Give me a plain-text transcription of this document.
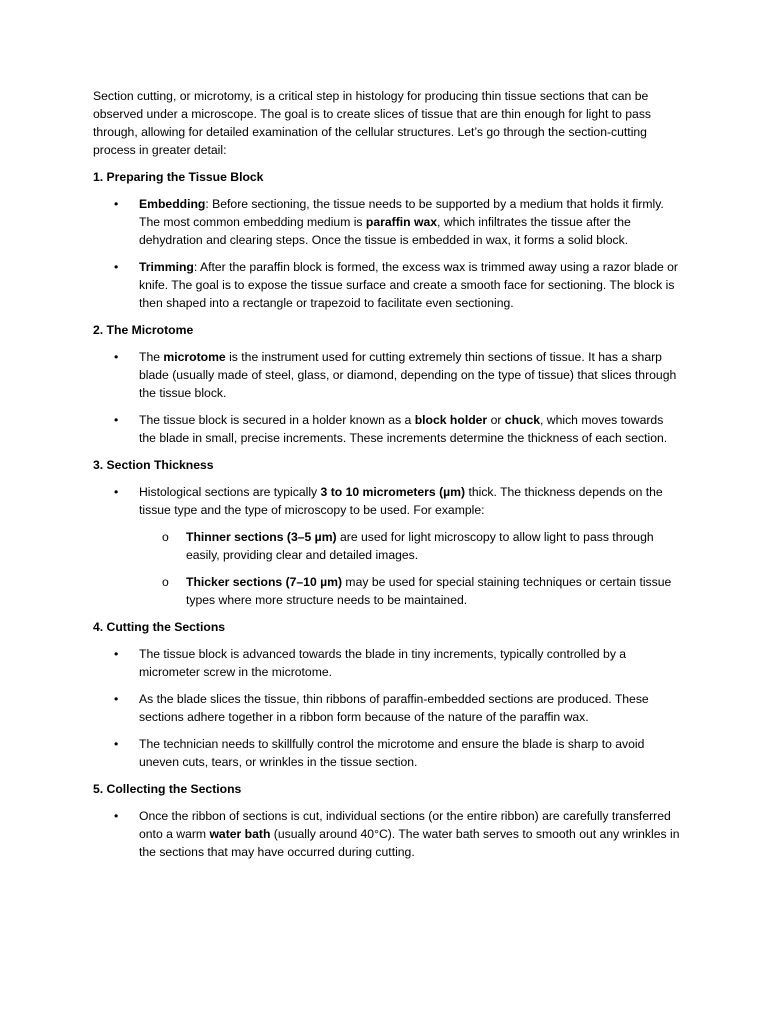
Section cutting, or microtomy, is a critical step in histology for producing thin tissue sections that can be observed under a microscope. The goal is to create slices of tissue that are thin enough for light to pass through, allowing for detailed examination of the cellular structures. Let’s go through the section-cutting process in greater detail:

1. Preparing the Tissue Block

• Embedding: Before sectioning, the tissue needs to be supported by a medium that holds it firmly. The most common embedding medium is paraffin wax, which infiltrates the tissue after the dehydration and clearing steps. Once the tissue is embedded in wax, it forms a solid block.
• Trimming: After the paraffin block is formed, the excess wax is trimmed away using a razor blade or knife. The goal is to expose the tissue surface and create a smooth face for sectioning. The block is then shaped into a rectangle or trapezoid to facilitate even sectioning.

2. The Microtome

• The microtome is the instrument used for cutting extremely thin sections of tissue. It has a sharp blade (usually made of steel, glass, or diamond, depending on the type of tissue) that slices through the tissue block.
• The tissue block is secured in a holder known as a block holder or chuck, which moves towards the blade in small, precise increments. These increments determine the thickness of each section.

3. Section Thickness

• Histological sections are typically 3 to 10 micrometers (µm) thick. The thickness depends on the tissue type and the type of microscopy to be used. For example:
o Thinner sections (3–5 µm) are used for light microscopy to allow light to pass through easily, providing clear and detailed images.
o Thicker sections (7–10 µm) may be used for special staining techniques or certain tissue types where more structure needs to be maintained.

4. Cutting the Sections

• The tissue block is advanced towards the blade in tiny increments, typically controlled by a micrometer screw in the microtome.
• As the blade slices the tissue, thin ribbons of paraffin-embedded sections are produced. These sections adhere together in a ribbon form because of the nature of the paraffin wax.
• The technician needs to skillfully control the microtome and ensure the blade is sharp to avoid uneven cuts, tears, or wrinkles in the tissue section.

5. Collecting the Sections

• Once the ribbon of sections is cut, individual sections (or the entire ribbon) are carefully transferred onto a warm water bath (usually around 40°C). The water bath serves to smooth out any wrinkles in the sections that may have occurred during cutting.
